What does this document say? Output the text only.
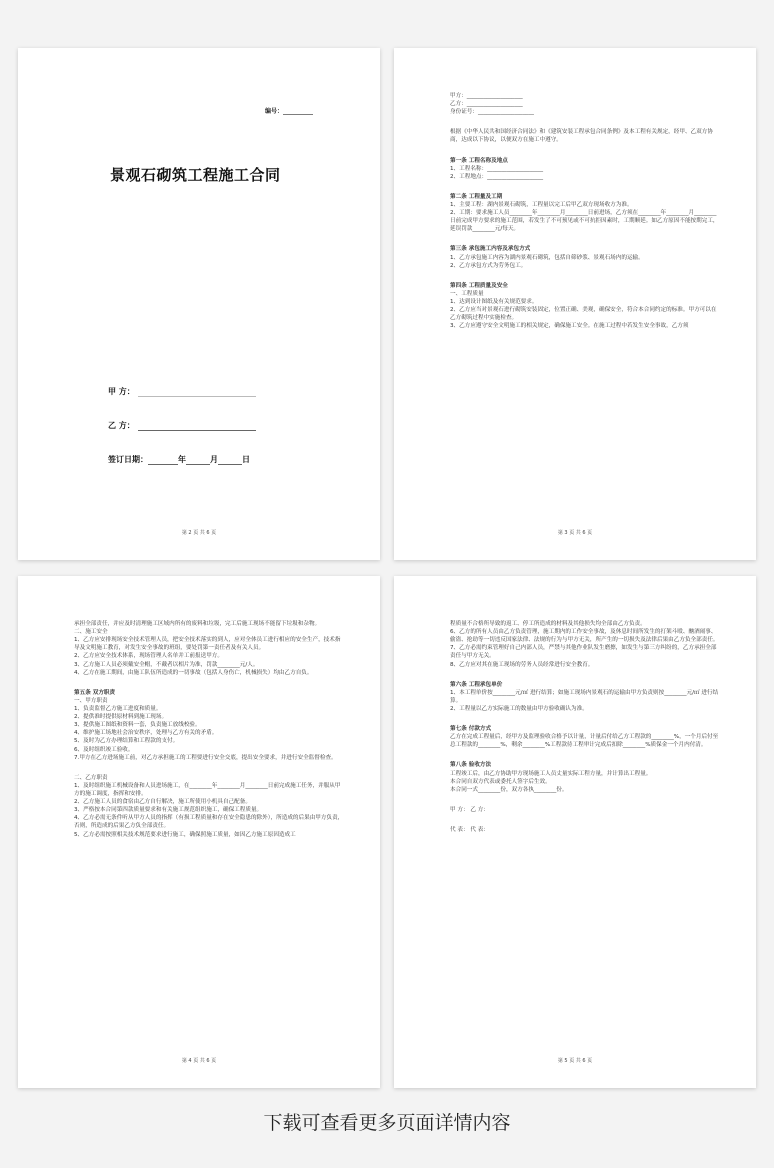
编号：__________
景观石砌筑工程施工合同
甲 方：
乙 方：
签订日期：	年	月	日
第 2 页 共 6 页

甲方：____________________

乙方：____________________

身份证号：____________________

根据《中华人民共和国经济合同法》和《建筑安装工程承包合同条例》及本工程有关规定，经甲、乙双方协商，达成以下协议，以便双方在施工中遵守。

第一条 工程名称及地点

1、工程名称：____________________

2、工程地点：____________________

第二条 工程量及工期

1、主要工程：湖内景观石砌筑，工程量以完工后甲乙双方现场收方为准。

2、工期：要求施工人员________年________月________日前进场，乙方须在________年________月________日前完成甲方要求的施工范围，若发生了不可预见或不可抗拒因素时，工期顺延。如乙方原因不能按期完工，延误罚款________元/每天。

第三条 承包施工内容及承包方式

1、乙方承包施工内容为湖内景观石砌筑，包括自筛砂浆、景观石场内的运输。

2、乙方承包方式为劳务包工。

第四条 工程质量及安全

一、工程质量

1、达到设计图纸及有关规范要求。

2、乙方应当对景观石进行砌筑安装固定，位置正确、美观，确保安全，符合本合同约定的标准。甲方可以在乙方砌筑过程中实施检查。

3、乙方应遵守安全文明施工的相关规定，确保施工安全。在施工过程中若发生安全事故，乙方须

第 3 页 共 6 页

承担全部责任，并应及时清理施工区域内所有的废料和垃圾，完工后施工现场不能留下垃圾和杂物。

二、施工安全

1、乙方应安排现场安全技术管理人员，把安全技术落实的到人，应对全体员工进行相应的安全生产，技术指导及文明施工教育，对发生安全事故的班组，要处罚第一责任者及有关人员。

2、乙方应安全技术体系，现场管理人名单并工前报送甲方。

3、乙方施工人员必须戴安全帽，不戴者以相片为准，罚款________元/人。

4、乙方在施工期间，由施工队伍所造成的一切事故（包括人身伤亡，机械损失）均由乙方自负。

第五条 双方职责

一、甲方职责

1、负责监督乙方施工进度和质量。

2、提供准时提供原材料到施工现场。

3、提供施工图纸和资料一套，负责施工放线校验。

4、维护施工场地社会治安秩序，处理与乙方有关的矛盾。

5、及时为乙方办理结算和工程款的支付。

6、及时组织竣工验收。

7.甲方在乙方进场施工前，对乙方承担施工的工程要进行安全交底，提出安全要求，并进行安全监督检查。

二、乙方职责

1、及时组织施工机械设备和人员进场施工，在________年________月________日前完成施工任务，并服从甲方的施工调度，指挥和安排。

2、乙方施工人员的食宿由乙方自行解决，施工所使用小机具自己配备。

3、严格按本合同第四款质量要求和有关施工规范组织施工，确保工程质量。

4、乙方必需无条件听从甲方人员的指挥（有损工程质量和存在安全隐患的除外），所造成的后果由甲方负责，否则，所造成的后果乙方负全部责任。

5、乙方必需按照相关技术规范要求进行施工，确保照施工质量，如因乙方施工原因造成工

第 4 页 共 6 页

程质量不合格所导致的返工、停工所造成的材料及其他损失均全部由乙方负责。

6、乙方的所有人员由乙方负责管理，施工期内的工作安全事故，及休息时间所发生的打架斗殴、酗酒闹事、偷盗、抢劫等一切违反国家法律、法规的行为与甲方无关，所产生的一切损失及法律后果由乙方负全部责任。

7、乙方必需约束管理好自己内部人员，严禁与其他作业队发生磨擦，如发生与第三方纠纷的，乙方承担全部责任与甲方无关。

8、乙方应对其在施工现场的劳务人员经常进行安全教育。

第六条 工程承包单价

1、本工程单价按________元/㎡ 进行结算；如施工现场内景观石的运输由甲方负责则按________元/㎡ 进行结算。

2、工程量以乙方实际施工的数量由甲方验收确认为准。

第七条 付款方式

乙方在完成工程量后，经甲方及监理验收合格予以计量，计量后付给乙方工程款的________%，一个月后付至总工程款的________%，剩余________%工程款待工程审计完成后扣除________%质保金一个月内付清。

第八条 验收方法

工程竣工后，由乙方协助甲方现场施工人员丈量实际工程方量，并计算出工程量。

本合同自双方代表或委托人签字后生效。

本合同一式________份，双方各执________份。

甲 方： 乙 方：

代 表： 代 表：

第 5 页 共 6 页
下载可查看更多页面详情内容
